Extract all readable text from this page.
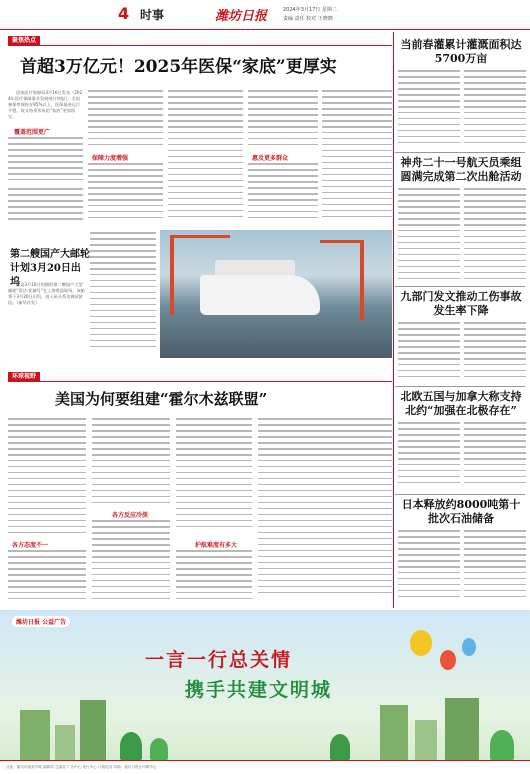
4 时事	潍坊日报	2024年3月17日 星期二
责编 责任 校对 王晓晓
聚焦热点
首超3万亿元！2025年医保“家底”更厚实

国家医疗保障局3月16日发布《2024年医疗保障事业发展统计快报》，全国参保率保持在95%以上，医保基金运行平稳，收支结余形成的“家底”更加厚实。

覆盖范围更广
保障力度增强	惠及更多群众
第二艘国产大邮轮计划3月20日出坞

这是3月16日拍摄的第二艘国产大型邮轮“爱达·花城号”在上海建造现场，该船将于3月20日出坞，进入码头系泊调试阶段。（新华社发）

环球视野
美国为何要组建“霍尔木兹联盟”
各方态度不一
各方反应冷淡
护航难度有多大
当前春灌累计灌溉面积达5700万亩
神舟二十一号航天员乘组圆满完成第二次出舱活动
九部门发文推动工伤事故发生率下降
北欧五国与加拿大称支持北约“加强在北极存在”
日本释放约8000吨第十批次石油储备
潍坊日报 公益广告
一言一行总关情
携手共建文明城
社址：潍坊市潍县中路 编辑部 总编室 广告中心 发行中心 订阅电话 印刷：潍坊日报社印刷中心
